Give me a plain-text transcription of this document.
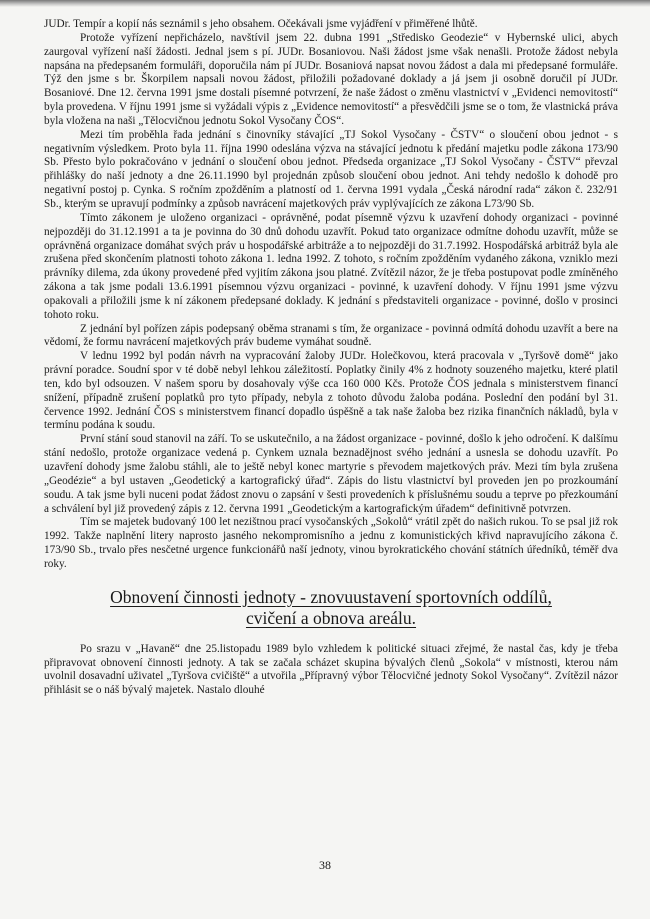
JUDr. Tempír a kopií nás seznámil s jeho obsahem. Očekávali jsme vyjádření v přiměřené lhůtě.

Protože vyřízení nepřicházelo, navštívil jsem 22. dubna 1991 „Středisko Geodezie“ v Hybernské ulici, abych zaurgoval vyřízení naší žádosti. Jednal jsem s pí. JUDr. Bosaniovou. Naši žádost jsme však nenašli. Protože žádost nebyla napsána na předepsaném formuláři, doporučila nám pí JUDr. Bosaniová napsat novou žádost a dala mi předepsané formuláře. Týž den jsme s br. Škorpilem napsali novou žádost, přiložili požadované doklady a já jsem ji osobně doručil pí JUDr. Bosaniové. Dne 12. června 1991 jsme dostali písemné potvrzení, že naše žádost o změnu vlastnictví v „Evidenci nemovitostí“ byla provedena. V říjnu 1991 jsme si vyžádali výpis z „Evidence nemovitostí“ a přesvědčili jsme se o tom, že vlastnická práva byla vložena na naši „Tělocvičnou jednotu Sokol Vysočany ČOS“.

Mezi tím proběhla řada jednání s činovníky stávající „TJ Sokol Vysočany - ČSTV“ o sloučení obou jednot - s negativním výsledkem. Proto byla 11. října 1990 odeslána výzva na stávající jednotu k předání majetku podle zákona 173/90 Sb. Přesto bylo pokračováno v jednání o sloučení obou jednot. Předseda organizace „TJ Sokol Vysočany - ČSTV“ převzal přihlášky do naší jednoty a dne 26.11.1990 byl projednán způsob sloučení obou jednot. Ani tehdy nedošlo k dohodě pro negativní postoj p. Cynka. S ročním zpožděním a platností od 1. června 1991 vydala „Česká národní rada“ zákon č. 232/91 Sb., kterým se upravují podmínky a způsob navrácení majetkových práv vyplývajících ze zákona L73/90 Sb.

Tímto zákonem je uloženo organizaci - oprávněné, podat písemně výzvu k uzavření dohody organizaci - povinné nejpozději do 31.12.1991 a ta je povinna do 30 dnů dohodu uzavřít. Pokud tato organizace odmítne dohodu uzavřít, může se oprávněná organizace domáhat svých práv u hospodářské arbitráže a to nejpozději do 31.7.1992. Hospodářská arbitráž byla ale zrušena před skončením platnosti tohoto zákona 1. ledna 1992. Z tohoto, s ročním zpožděním vydaného zákona, vzniklo mezi právníky dilema, zda úkony provedené před vyjitím zákona jsou platné. Zvítězil názor, že je třeba postupovat podle zmíněného zákona a tak jsme podali 13.6.1991 písemnou výzvu organizaci - povinné, k uzavření dohody. V říjnu 1991 jsme výzvu opakovali a přiložili jsme k ní zákonem předepsané doklady. K jednání s představiteli organizace - povinné, došlo v prosinci tohoto roku.

Z jednání byl pořízen zápis podepsaný oběma stranami s tím, že organizace - povinná odmítá dohodu uzavřít a bere na vědomí, že formu navrácení majetkových práv budeme vymáhat soudně.

V lednu 1992 byl podán návrh na vypracování žaloby JUDr. Holečkovou, která pracovala v „Tyršově domě“ jako právní poradce. Soudní spor v té době nebyl lehkou záležitostí. Poplatky činily 4% z hodnoty souzeného majetku, které platil ten, kdo byl odsouzen. V našem sporu by dosahovaly výše cca 160 000 Kčs. Protože ČOS jednala s ministerstvem financí snížení, případně zrušení poplatků pro tyto případy, nebyla z tohoto důvodu žaloba podána. Poslední den podání byl 31. července 1992. Jednání ČOS s ministerstvem financí dopadlo úspěšně a tak naše žaloba bez rizika finančních nákladů, byla v termínu podána k soudu.

První stání soud stanovil na září. To se uskutečnilo, a na žádost organizace - povinné, došlo k jeho odročení. K dalšímu stání nedošlo, protože organizace vedená p. Cynkem uznala beznadějnost svého jednání a usnesla se dohodu uzavřít. Po uzavření dohody jsme žalobu stáhli, ale to ještě nebyl konec martyrie s převodem majetkových práv. Mezi tím byla zrušena „Geodézie“ a byl ustaven „Geodetický a kartografický úřad“. Zápis do listu vlastnictví byl proveden jen po prozkoumání soudu. A tak jsme byli nuceni podat žádost znovu o zapsání v šesti provedeních k příslušnému soudu a teprve po přezkoumání a schválení byl již provedený zápis z 12. června 1991 „Geodetickým a kartografickým úřadem“ definitivně potvrzen.

Tím se majetek budovaný 100 let nezištnou prací vysočanských „Sokolů“ vrátil zpět do našich rukou. To se psal již rok 1992. Takže naplnění litery naprosto jasného nekompromisního a jednu z komunistických křivd napravujícího zákona č. 173/90 Sb., trvalo přes nesčetné urgence funkcionářů naší jednoty, vinou byrokratického chování státních úředníků, téměř dva roky.

Obnovení činnosti jednoty - znovuustavení sportovních oddílů,
cvičení a obnova areálu.

Po srazu v „Havaně“ dne 25.listopadu 1989 bylo vzhledem k politické situaci zřejmé, že nastal čas, kdy je třeba připravovat obnovení činnosti jednoty. A tak se začala scházet skupina bývalých členů „Sokola“ v místnosti, kterou nám uvolnil dosavadní uživatel „Tyršova cvičiště“ a utvořila „Přípravný výbor Tělocvičné jednoty Sokol Vysočany“. Zvítězil názor přihlásit se o náš bývalý majetek. Nastalo dlouhé

38
